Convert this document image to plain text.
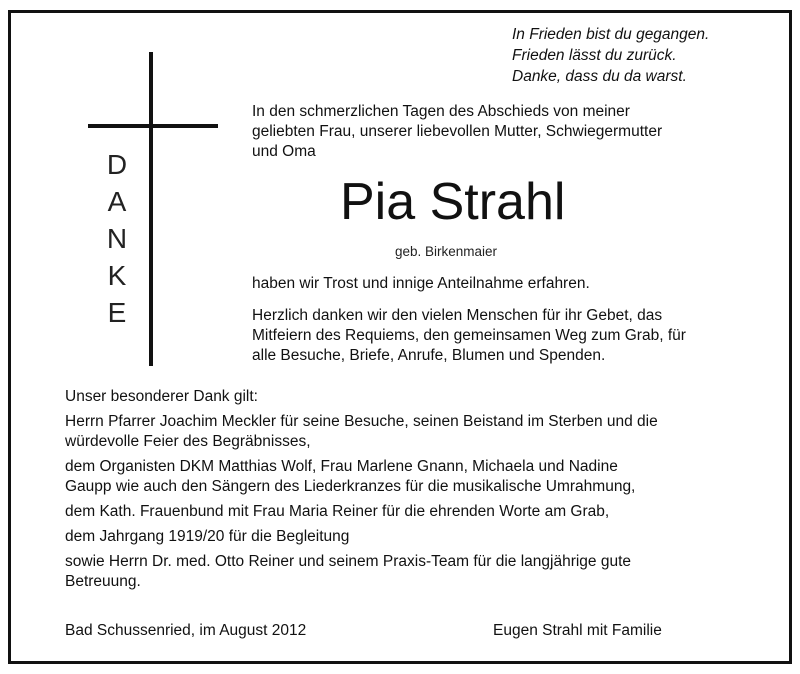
In Frieden bist du gegangen.
Frieden lässt du zurück.
Danke, dass du da warst.
D
A
N
K
E
In den schmerzlichen Tagen des Abschieds von meiner
geliebten Frau, unserer liebevollen Mutter, Schwiegermutter
und Oma
Pia Strahl
geb. Birkenmaier
haben wir Trost und innige Anteilnahme erfahren.
Herzlich danken wir den vielen Menschen für ihr Gebet, das
Mitfeiern des Requiems, den gemeinsamen Weg zum Grab, für
alle Besuche, Briefe, Anrufe, Blumen und Spenden.
Unser besonderer Dank gilt:
Herrn Pfarrer Joachim Meckler für seine Besuche, seinen Beistand im Sterben und die
würdevolle Feier des Begräbnisses,
dem Organisten DKM Matthias Wolf, Frau Marlene Gnann, Michaela und Nadine
Gaupp wie auch den Sängern des Liederkranzes für die musikalische Umrahmung,
dem Kath. Frauenbund mit Frau Maria Reiner für die ehrenden Worte am Grab,
dem Jahrgang 1919/20 für die Begleitung
sowie Herrn Dr. med. Otto Reiner und seinem Praxis-Team für die langjährige gute
Betreuung.
Bad Schussenried, im August 2012	Eugen Strahl mit Familie
